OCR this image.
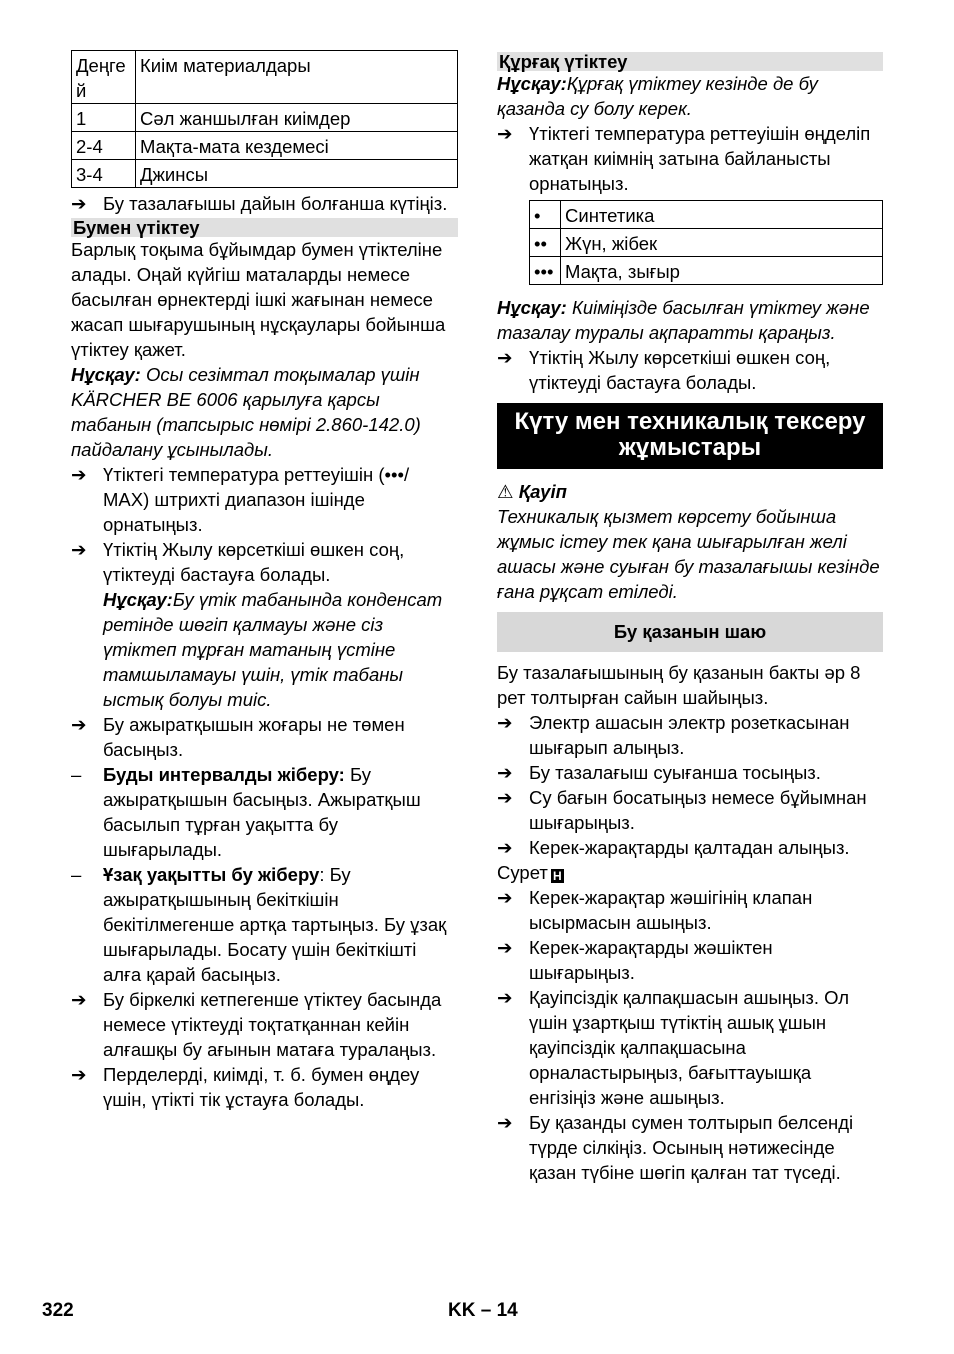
Деңге
й	Киім материалдары
1	Сәл жаншылған киімдер
2-4	Мақта-мата кездемесі
3-4	Джинсы
➔ Бу тазалағышы дайын болғанша күтіңіз.
Бумен үтіктеу

Барлық тоқыма бұйымдар бумен үтіктеліне алады. Оңай күйгіш маталарды немесе басылған өрнектерді ішкі жағынан немесе жасап шығарушының нұсқаулары бойынша үтіктеу қажет.

Нұсқау: Осы сезімтал тоқымалар үшін KÄRCHER BE 6006 қарылуға қарсы табанын (тапсырыс нөмірі 2.860-142.0) пайдалану ұсынылады.

➔ Үтіктегі температура реттеуішін (•••/ MAX) штрихті диапазон ішінде орнатыңыз.
➔ Үтіктің Жылу көрсеткіші өшкен соң, үтіктеуді бастауға болады.

Нұсқау:Бу үтік табанында конденсат ретінде шөгіп қалмауы және сіз үтіктеп тұрған матаның үстіне тамшыламауы үшін, үтік табаны ыстық болуы тиіс.

➔ Бу ажыратқышын жоғары не төмен басыңыз.
–	Буды интервалды жіберу: Бу ажыратқышын басыңыз. Ажыратқыш басылып тұрған уақытта бу шығарылады.
–	Ұзақ уақытты бу жіберу: Бу ажыратқышының бекіткішін бекітілмегенше артқа тартыңыз. Бу ұзақ шығарылады. Босату үшін бекіткішті алға қарай басыңыз.
➔ Бу біркелкі кетпегенше үтіктеу басында немесе үтіктеуді тоқтатқаннан кейін алғашқы бу ағынын матаға туралаңыз.
➔ Перделерді, киімді, т. б. бумен өңдеу үшін, үтікті тік ұстауға болады.
Құрғақ үтіктеу

Нұсқау:Құрғақ үтіктеу кезінде де бу қазанда су болу керек.

➔ Үтіктегі температура реттеуішін өңделіп жатқан киімнің затына байланысты орнатыңыз.
•	Синтетика
••	Жүн, жібек
•••	Мақта, зығыр

Нұсқау: Киіміңізде басылған үтіктеу және тазалау туралы ақпаратты қараңыз.

➔ Үтіктің Жылу көрсеткіші өшкен соң, үтіктеуді бастауға болады.
Күту мен техникалық тексеру жұмыстары

⚠ Қауіп

Техникалық қызмет көрсету бойынша жұмыс істеу тек қана шығарылған желі ашасы және суыған бу тазалағышы кезінде ғана рұқсат етіледі.

Бу қазанын шаю

Бу тазалағышының бу қазанын бакты әр 8 рет толтырған сайын шайыңыз.

➔ Электр ашасын электр розеткасынан шығарып алыңыз.
➔ Бу тазалағыш суығанша тосыңыз.
➔ Су бағын босатыңыз немесе бұйымнан шығарыңыз.
➔ Керек-жарақтарды қалтадан алыңыз.

Сурет H

➔ Керек-жарақтар жәшігінің клапан ысырмасын ашыңыз.
➔ Керек-жарақтарды жәшіктен шығарыңыз.
➔ Қауіпсіздік қалпақшасын ашыңыз. Ол үшін ұзартқыш түтіктің ашық ұшын қауіпсіздік қалпақшасына орналастырыңыз, бағыттауышқа енгізіңіз және ашыңыз.
➔ Бу қазанды сумен толтырып белсенді түрде сілкіңіз. Осының нәтижесінде қазан түбіне шөгіп қалған тат түседі.
322	KK – 14
